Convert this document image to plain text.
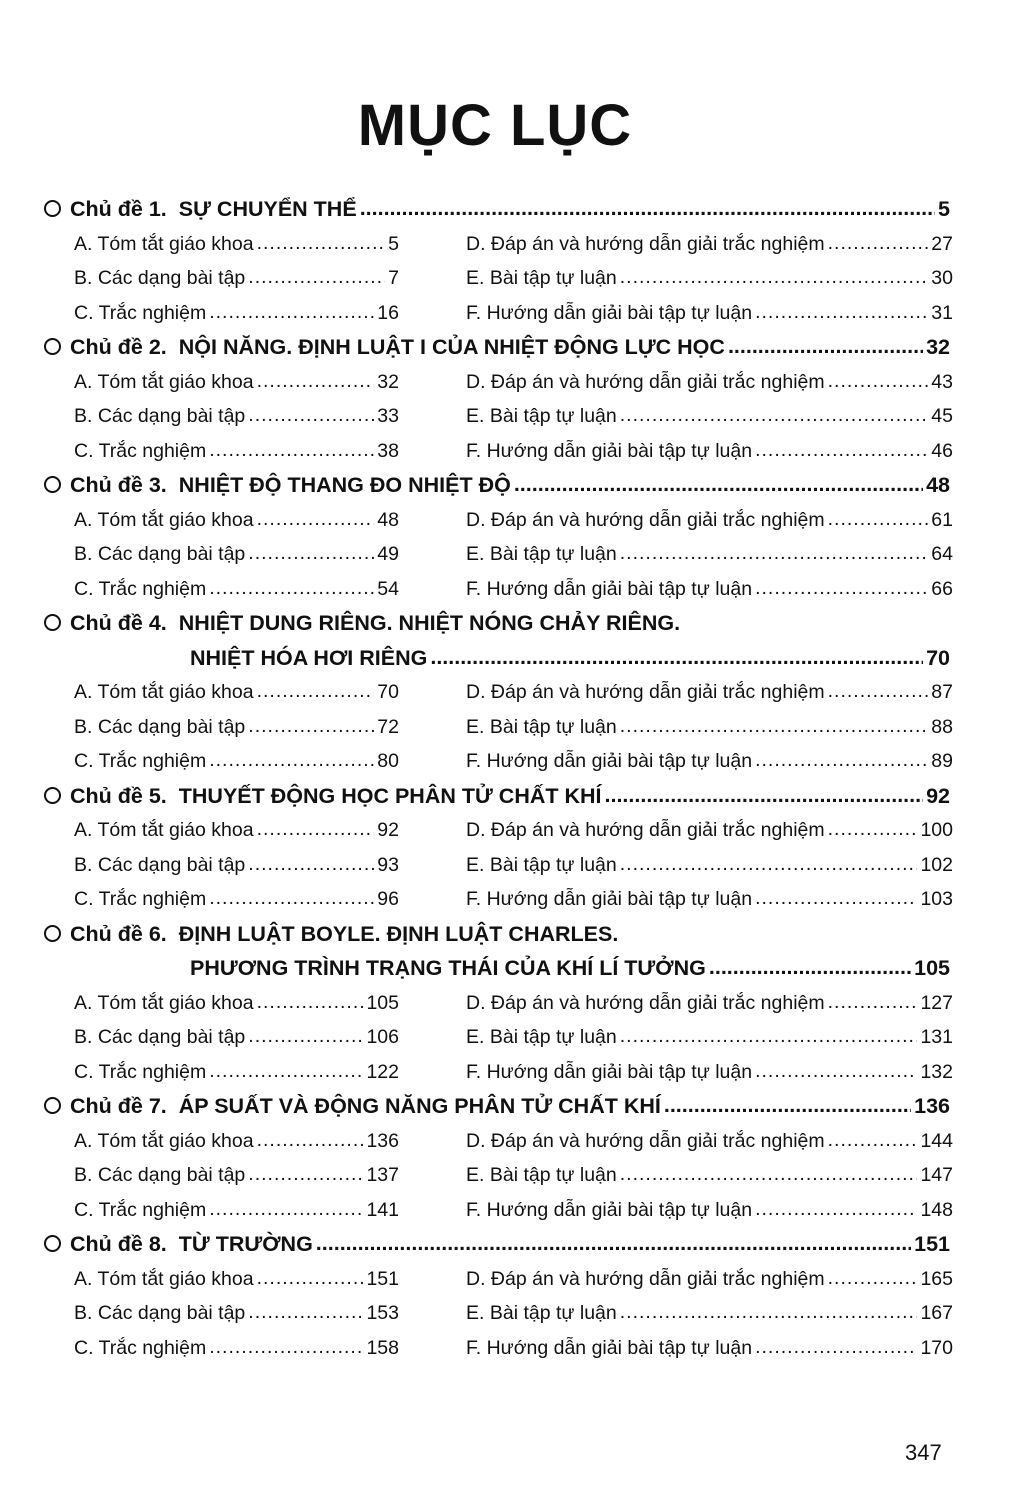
MỤC LỤC
Chủ đề 1. SỰ CHUYỂN THỂ .....	5
A. Tóm tắt giáo khoa .....	5	D. Đáp án và hướng dẫn giải trắc nghiệm .....	27
B. Các dạng bài tập .....	7	E. Bài tập tự luận .....	30
C. Trắc nghiệm .....	16	F. Hướng dẫn giải bài tập tự luận .....	31
Chủ đề 2. NỘI NĂNG. ĐỊNH LUẬT I CỦA NHIỆT ĐỘNG LỰC HỌC .....	32
A. Tóm tắt giáo khoa .....	32	D. Đáp án và hướng dẫn giải trắc nghiệm .....	43
B. Các dạng bài tập .....	33	E. Bài tập tự luận .....	45
C. Trắc nghiệm .....	38	F. Hướng dẫn giải bài tập tự luận .....	46
Chủ đề 3. NHIỆT ĐỘ THANG ĐO NHIỆT ĐỘ .....	48
A. Tóm tắt giáo khoa .....	48	D. Đáp án và hướng dẫn giải trắc nghiệm .....	61
B. Các dạng bài tập .....	49	E. Bài tập tự luận .....	64
C. Trắc nghiệm .....	54	F. Hướng dẫn giải bài tập tự luận .....	66
Chủ đề 4. NHIỆT DUNG RIÊNG. NHIỆT NÓNG CHẢY RIÊNG.
NHIỆT HÓA HƠI RIÊNG .....	70
A. Tóm tắt giáo khoa .....	70	D. Đáp án và hướng dẫn giải trắc nghiệm .....	87
B. Các dạng bài tập .....	72	E. Bài tập tự luận .....	88
C. Trắc nghiệm .....	80	F. Hướng dẫn giải bài tập tự luận .....	89
Chủ đề 5. THUYẾT ĐỘNG HỌC PHÂN TỬ CHẤT KHÍ .....	92
A. Tóm tắt giáo khoa .....	92	D. Đáp án và hướng dẫn giải trắc nghiệm .....	100
B. Các dạng bài tập .....	93	E. Bài tập tự luận .....	102
C. Trắc nghiệm .....	96	F. Hướng dẫn giải bài tập tự luận .....	103
Chủ đề 6. ĐỊNH LUẬT BOYLE. ĐỊNH LUẬT CHARLES.
PHƯƠNG TRÌNH TRẠNG THÁI CỦA KHÍ LÍ TƯỞNG .....	105
A. Tóm tắt giáo khoa .....	105	D. Đáp án và hướng dẫn giải trắc nghiệm .....	127
B. Các dạng bài tập .....	106	E. Bài tập tự luận .....	131
C. Trắc nghiệm .....	122	F. Hướng dẫn giải bài tập tự luận .....	132
Chủ đề 7. ÁP SUẤT VÀ ĐỘNG NĂNG PHÂN TỬ CHẤT KHÍ .....	136
A. Tóm tắt giáo khoa .....	136	D. Đáp án và hướng dẫn giải trắc nghiệm .....	144
B. Các dạng bài tập .....	137	E. Bài tập tự luận .....	147
C. Trắc nghiệm .....	141	F. Hướng dẫn giải bài tập tự luận .....	148
Chủ đề 8. TỪ TRƯỜNG .....	151
A. Tóm tắt giáo khoa .....	151	D. Đáp án và hướng dẫn giải trắc nghiệm .....	165
B. Các dạng bài tập .....	153	E. Bài tập tự luận .....	167
C. Trắc nghiệm .....	158	F. Hướng dẫn giải bài tập tự luận .....	170
347
